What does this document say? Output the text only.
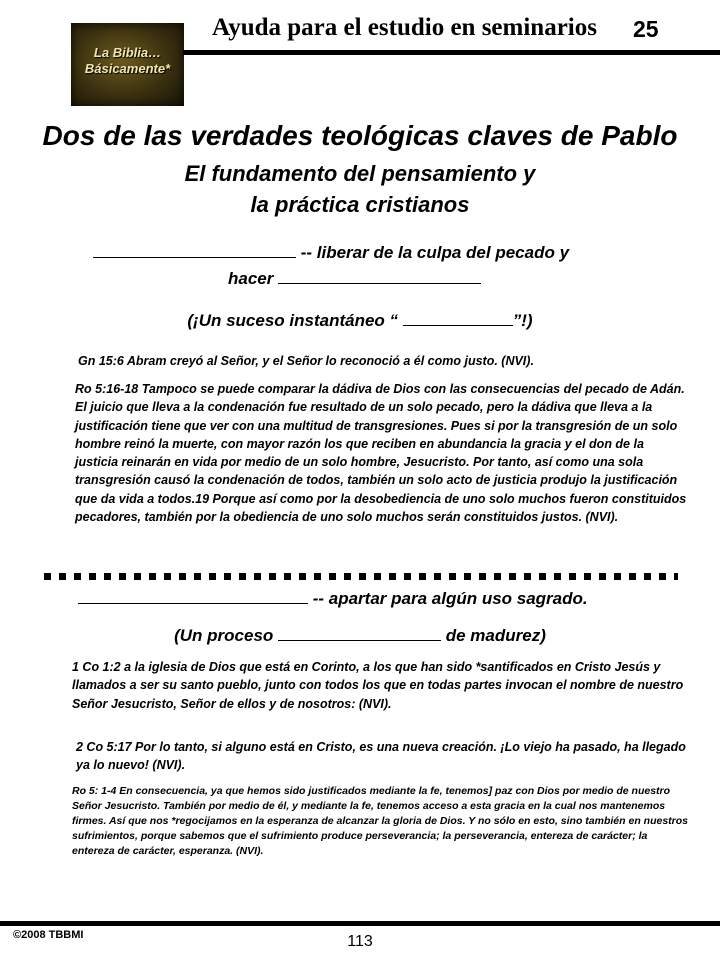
La Biblia…
Básicamente*
Ayuda para el estudio en seminarios 25
Dos de las verdades teológicas claves de Pablo
El fundamento del pensamiento y
la práctica cristianos
-- liberar de la culpa del pecado y
hacer
(¡Un suceso instantáneo “	”!)
Gn 15:6 Abram creyó al Señor, y el Señor lo reconoció a él como justo. (NVI).
Ro 5:16-18 Tampoco se puede comparar la dádiva de Dios con las consecuencias del pecado de Adán. El juicio que lleva a la condenación fue resultado de un solo pecado, pero la dádiva que lleva a la justificación tiene que ver con una multitud de transgresiones. Pues si por la transgresión de un solo hombre reinó la muerte, con mayor razón los que reciben en abundancia la gracia y el don de la justicia reinarán en vida por medio de un solo hombre, Jesucristo. Por tanto, así como una sola transgresión causó la condenación de todos, también un solo acto de justicia produjo la justificación que da vida a todos.19 Porque así como por la desobediencia de uno solo muchos fueron constituidos pecadores, también por la obediencia de uno solo muchos serán constituidos justos. (NVI).
-- apartar para algún uso sagrado.
(Un proceso	de madurez)
1 Co 1:2 a la iglesia de Dios que está en Corinto, a los que han sido *santificados en Cristo Jesús y llamados a ser su santo pueblo, junto con todos los que en todas partes invocan el nombre de nuestro Señor Jesucristo, Señor de ellos y de nosotros: (NVI).
2 Co 5:17 Por lo tanto, si alguno está en Cristo, es una nueva creación. ¡Lo viejo ha pasado, ha llegado ya lo nuevo! (NVI).
Ro 5: 1-4 En consecuencia, ya que hemos sido justificados mediante la fe, tenemos] paz con Dios por medio de nuestro Señor Jesucristo. También por medio de él, y mediante la fe, tenemos acceso a esta gracia en la cual nos mantenemos firmes. Así que nos *regocijamos en la esperanza de alcanzar la gloria de Dios. Y no sólo en esto, sino también en nuestros sufrimientos, porque sabemos que el sufrimiento produce perseverancia; la perseverancia, entereza de carácter; la entereza de carácter, esperanza. (NVI).
©2008 TBBMI	113
